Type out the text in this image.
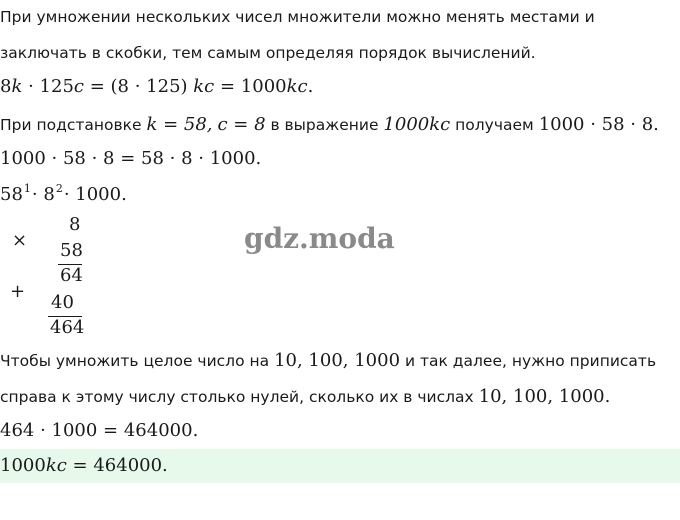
При умножении нескольких чисел множители можно менять местами и
заключать в скобки, тем самым определяя порядок вычислений.
8k · 125c = (8 · 125) kc = 1000kc.
При подстановке k = 58, c = 8 в выражение 1000kc получаем 1000 · 58 · 8.
1000 · 58 · 8 = 58 · 8 · 1000.
$58^1\cdot 8^2\cdot 1000$.
×
8
58
64
+
40
464
gdz.moda
Чтобы умножить целое число на 10, 100, 1000 и так далее, нужно приписать
справа к этому числу столько нулей, сколько их в числах 10, 100, 1000.
464 · 1000 = 464000.
1000kc = 464000.
